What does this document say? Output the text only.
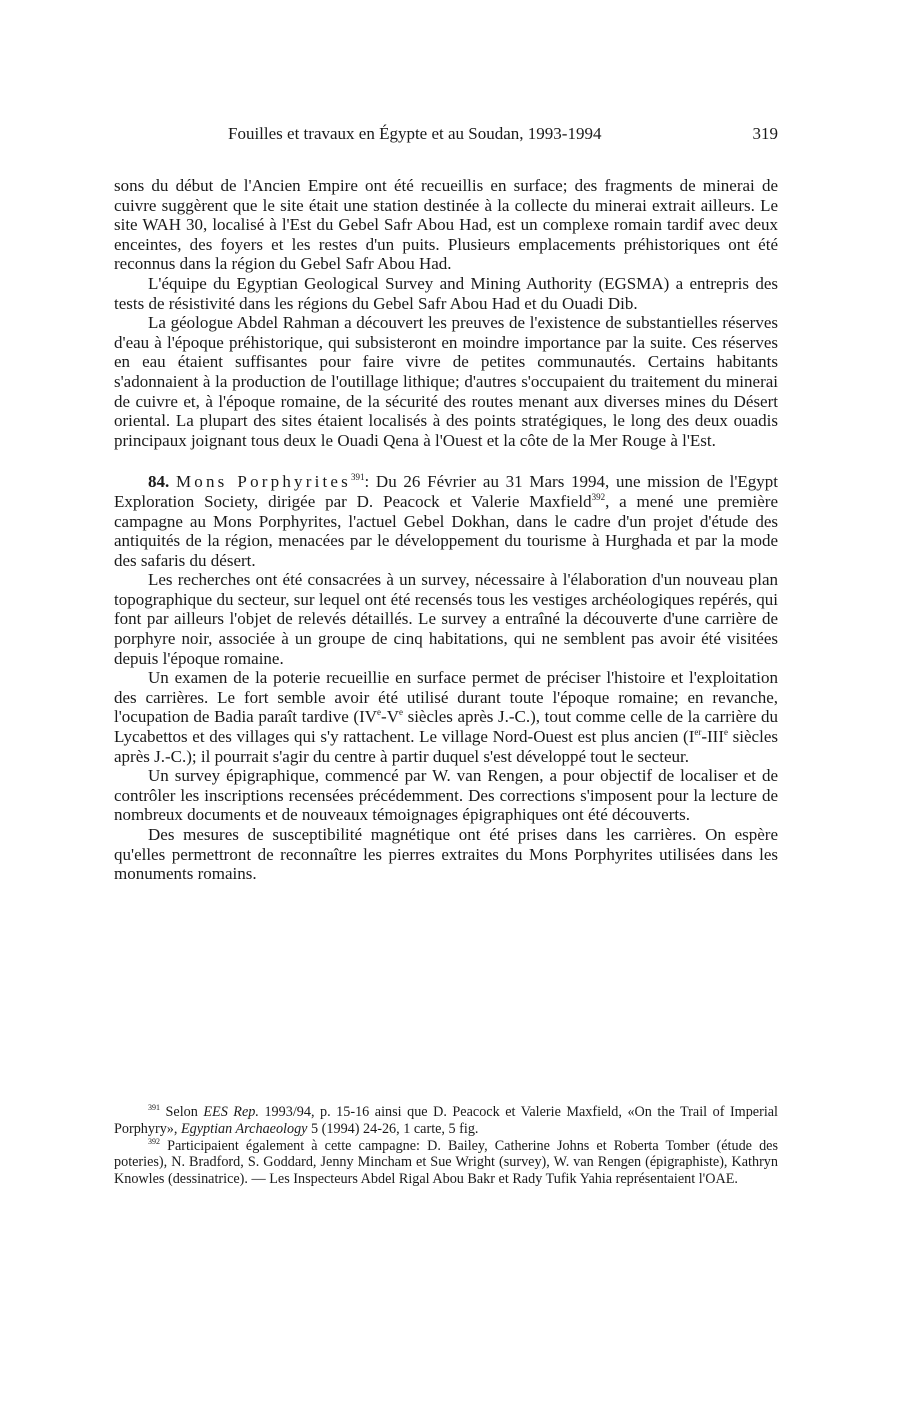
Fouilles et travaux en Égypte et au Soudan, 1993-1994	319

sons du début de l'Ancien Empire ont été recueillis en surface; des fragments de minerai de cuivre suggèrent que le site était une station destinée à la collecte du minerai extrait ailleurs. Le site WAH 30, localisé à l'Est du Gebel Safr Abou Had, est un complexe romain tardif avec deux enceintes, des foyers et les restes d'un puits. Plusieurs emplacements préhistoriques ont été reconnus dans la région du Gebel Safr Abou Had.

L'équipe du Egyptian Geological Survey and Mining Authority (EGSMA) a entrepris des tests de résistivité dans les régions du Gebel Safr Abou Had et du Ouadi Dib.

La géologue Abdel Rahman a découvert les preuves de l'existence de substantielles réserves d'eau à l'époque préhistorique, qui subsisteront en moindre importance par la suite. Ces réserves en eau étaient suffisantes pour faire vivre de petites communautés. Certains habitants s'adonnaient à la production de l'outillage lithique; d'autres s'occupaient du traitement du minerai de cuivre et, à l'époque romaine, de la sécurité des routes menant aux diverses mines du Désert oriental. La plupart des sites étaient localisés à des points stratégiques, le long des deux ouadis principaux joignant tous deux le Ouadi Qena à l'Ouest et la côte de la Mer Rouge à l'Est.

84. Mons Porphyrites$^{391}$: Du 26 Février au 31 Mars 1994, une mission de l'Egypt Exploration Society, dirigée par D. Peacock et Valerie Maxfield$^{392}$, a mené une première campagne au Mons Porphyrites, l'actuel Gebel Dokhan, dans le cadre d'un projet d'étude des antiquités de la région, menacées par le développement du tourisme à Hurghada et par la mode des safaris du désert.

Les recherches ont été consacrées à un survey, nécessaire à l'élaboration d'un nouveau plan topographique du secteur, sur lequel ont été recensés tous les vestiges archéologiques repérés, qui font par ailleurs l'objet de relevés détaillés. Le survey a entraîné la découverte d'une carrière de porphyre noir, associée à un groupe de cinq habitations, qui ne semblent pas avoir été visitées depuis l'époque romaine.

Un examen de la poterie recueillie en surface permet de préciser l'histoire et l'exploitation des carrières. Le fort semble avoir été utilisé durant toute l'époque romaine; en revanche, l'ocupation de Badia paraît tardive (IVe-Ve siècles après J.-C.), tout comme celle de la carrière du Lycabettos et des villages qui s'y rattachent. Le village Nord-Ouest est plus ancien (Ier-IIIe siècles après J.-C.); il pourrait s'agir du centre à partir duquel s'est développé tout le secteur.

Un survey épigraphique, commencé par W. van Rengen, a pour objectif de localiser et de contrôler les inscriptions recensées précédemment. Des corrections s'imposent pour la lecture de nombreux documents et de nouveaux témoignages épigraphiques ont été découverts.

Des mesures de susceptibilité magnétique ont été prises dans les carrières. On espère qu'elles permettront de reconnaître les pierres extraites du Mons Porphyrites utilisées dans les monuments romains.

$^{391}$ Selon EES Rep. 1993/94, p. 15-16 ainsi que D. Peacock et Valerie Maxfield, «On the Trail of Imperial Porphyry», Egyptian Archaeology 5 (1994) 24-26, 1 carte, 5 fig.

$^{392}$ Participaient également à cette campagne: D. Bailey, Catherine Johns et Roberta Tomber (étude des poteries), N. Bradford, S. Goddard, Jenny Mincham et Sue Wright (survey), W. van Rengen (épigraphiste), Kathryn Knowles (dessinatrice). — Les Inspecteurs Abdel Rigal Abou Bakr et Rady Tufik Yahia représentaient l'OAE.
